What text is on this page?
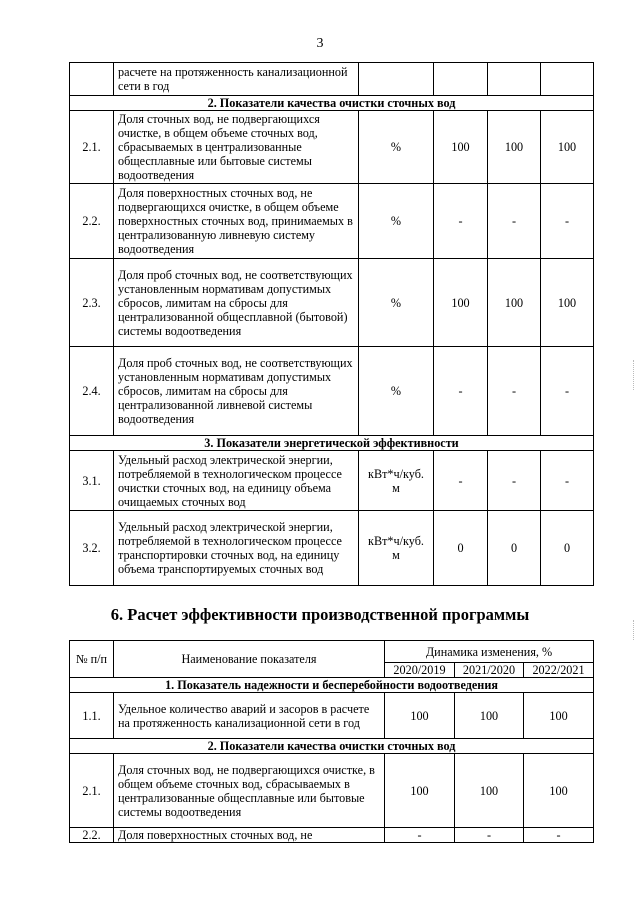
3
	расчете на протяженность канализационной сети в год				
2. Показатели качества очистки сточных вод					
2.1.	Доля сточных вод, не подвергающихся очистке, в общем объеме сточных вод, сбрасываемых в централизованные общесплавные или бытовые системы водоотведения	%	100	100	100
2.2.	Доля поверхностных сточных вод, не подвергающихся очистке, в общем объеме поверхностных сточных вод, принимаемых в централизованную ливневую систему водоотведения	%	-	-	-
2.3.	Доля проб сточных вод, не соответствующих установленным нормативам допустимых сбросов, лимитам на сбросы для централизованной общесплавной (бытовой) системы водоотведения	%	100	100	100
2.4.	Доля проб сточных вод, не соответствующих установленным нормативам допустимых сбросов, лимитам на сбросы для централизованной ливневой системы водоотведения	%	-	-	-
3. Показатели энергетической эффективности					
3.1.	Удельный расход электрической энергии, потребляемой в технологическом процессе очистки сточных вод, на единицу объема очищаемых сточных вод	кВт*ч/куб. м	-	-	-
3.2.	Удельный расход электрической энергии, потребляемой в технологическом процессе транспортировки сточных вод, на единицу объема транспортируемых сточных вод	кВт*ч/куб. м	0	0	0
6. Расчет эффективности производственной программы
№ п/п	Наименование показателя	Динамика изменения, %		
		2020/2019	2021/2020	2022/2021
1. Показатель надежности и бесперебойности водоотведения				
1.1.	Удельное количество аварий и засоров в расчете на протяженность канализационной сети в год	100	100	100
2. Показатели качества очистки сточных вод				
2.1.	Доля сточных вод, не подвергающихся очистке, в общем объеме сточных вод, сбрасываемых в централизованные общесплавные или бытовые системы водоотведения	100	100	100
2.2.	Доля поверхностных сточных вод, не	-	-	-
